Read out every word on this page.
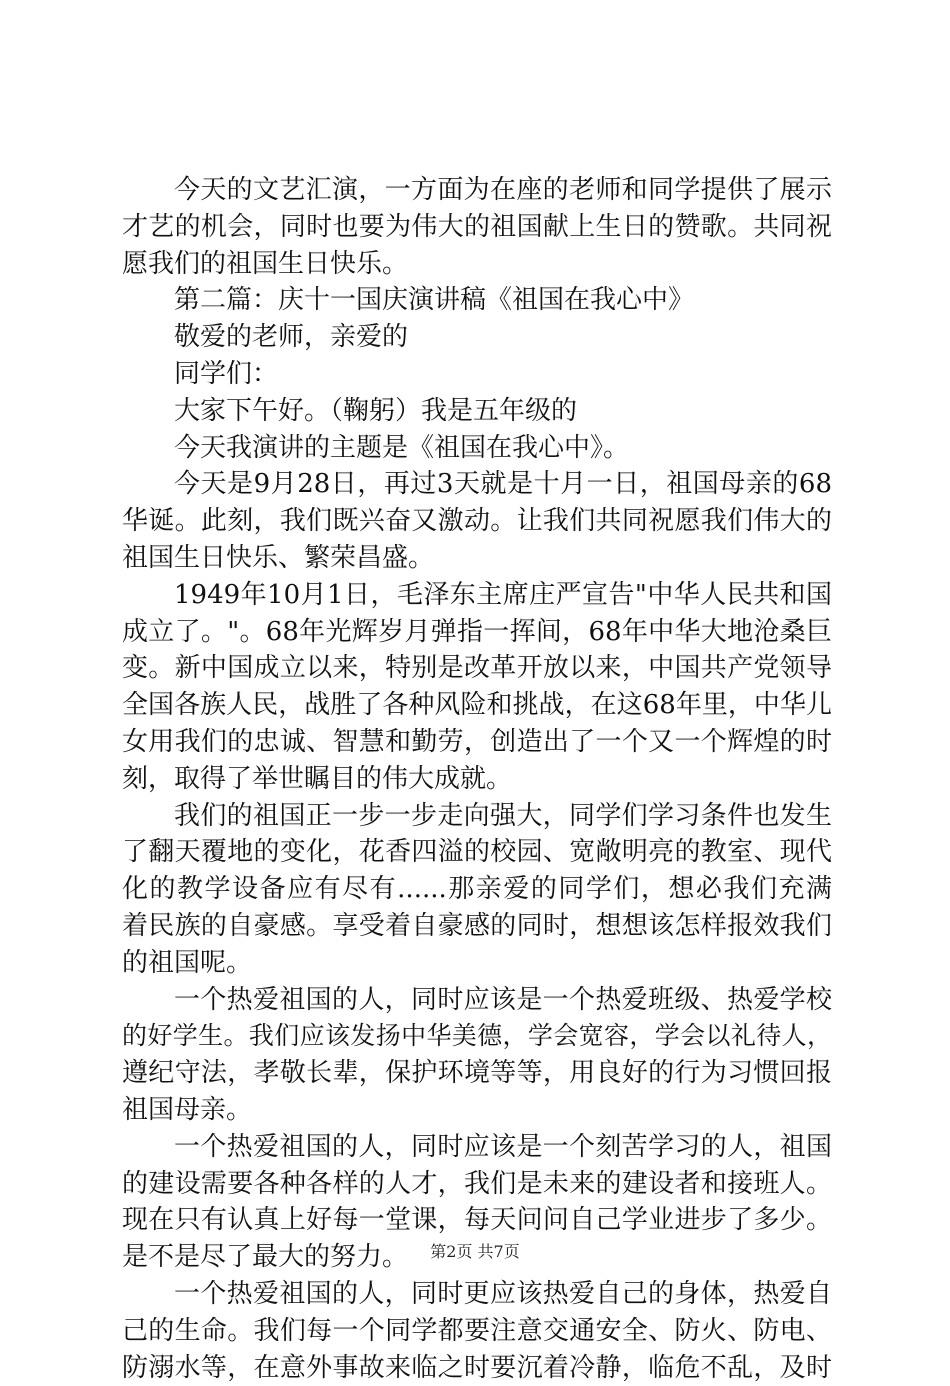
今天的文艺汇演，一方面为在座的老师和同学提供了展示
才艺的机会，同时也要为伟大的祖国献上生日的赞歌。共同祝
愿我们的祖国生日快乐。
第二篇：庆十一国庆演讲稿《祖国在我心中》
敬爱的老师，亲爱的
同学们：
大家下午好。（鞠躬）我是五年级的
今天我演讲的主题是《祖国在我心中》。
今天是9月28日，再过3天就是十月一日，祖国母亲的68
华诞。此刻，我们既兴奋又激动。让我们共同祝愿我们伟大的
祖国生日快乐、繁荣昌盛。
1949年10月1日，毛泽东主席庄严宣告"中华人民共和国
成立了。"。68年光辉岁月弹指一挥间，68年中华大地沧桑巨
变。新中国成立以来，特别是改革开放以来，中国共产党领导
全国各族人民，战胜了各种风险和挑战，在这68年里，中华儿
女用我们的忠诚、智慧和勤劳，创造出了一个又一个辉煌的时
刻，取得了举世瞩目的伟大成就。
我们的祖国正一步一步走向强大，同学们学习条件也发生
了翻天覆地的变化，花香四溢的校园、宽敞明亮的教室、现代
化的教学设备应有尽有......那亲爱的同学们，想必我们充满
着民族的自豪感。享受着自豪感的同时，想想该怎样报效我们
的祖国呢。
一个热爱祖国的人，同时应该是一个热爱班级、热爱学校
的好学生。我们应该发扬中华美德，学会宽容，学会以礼待人，
遵纪守法，孝敬长辈，保护环境等等，用良好的行为习惯回报
祖国母亲。
一个热爱祖国的人，同时应该是一个刻苦学习的人，祖国
的建设需要各种各样的人才，我们是未来的建设者和接班人。
现在只有认真上好每一堂课，每天问问自己学业进步了多少。
是不是尽了最大的努力。
一个热爱祖国的人，同时更应该热爱自己的身体，热爱自
己的生命。我们每一个同学都要注意交通安全、防火、防电、
防溺水等，在意外事故来临之时要沉着冷静，临危不乱，及时
第2页 共7页
